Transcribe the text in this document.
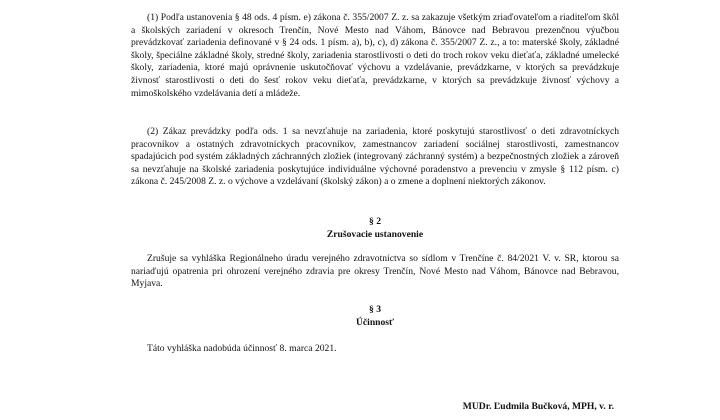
(1) Podľa ustanovenia § 48 ods. 4 písm. e) zákona č. 355/2007 Z. z. sa zakazuje všetkým zriaďovateľom a riaditeľom škôl a školských zariadení v okresoch Trenčín, Nové Mesto nad Váhom, Bánovce nad Bebravou prezenčnou výučbou prevádzkovať zariadenia definované v § 24 ods. 1 písm. a), b), c), d) zákona č. 355/2007 Z. z., a to: materské školy, základné školy, špeciálne základné školy, stredné školy, zariadenia starostlivosti o deti do troch rokov veku dieťaťa, základné umelecké školy, zariadenia, ktoré majú oprávnenie uskutočňovať výchovu a vzdelávanie, prevádzkarne, v ktorých sa prevádzkuje živnosť starostlivosti o deti do šesť rokov veku dieťaťa, prevádzkarne, v ktorých sa prevádzkuje živnosť výchovy a mimoškolského vzdelávania detí a mládeže.

(2) Zákaz prevádzky podľa ods. 1 sa nevzťahuje na zariadenia, ktoré poskytujú starostlivosť o deti zdravotníckych pracovníkov a ostatných zdravotníckych pracovníkov, zamestnancov zariadení sociálnej starostlivosti, zamestnancov spadajúcich pod systém základných záchranných zložiek (integrovaný záchranný systém) a bezpečnostných zložiek a zároveň sa nevzťahuje na školské zariadenia poskytujúce individuálne výchovné poradenstvo a prevenciu v zmysle § 112 písm. c) zákona č. 245/2008 Z. z. o výchove a vzdelávaní (školský zákon) a o zmene a doplnení niektorých zákonov.

§ 2
Zrušovacie ustanovenie

Zrušuje sa vyhláška Regionálneho úradu verejného zdravotníctva so sídlom v Trenčíne č. 84/2021 V. v. SR, ktorou sa nariaďujú opatrenia pri ohrození verejného zdravia pre okresy Trenčín, Nové Mesto nad Váhom, Bánovce nad Bebravou, Myjava.

§ 3
Účinnosť

Táto vyhláška nadobúda účinnosť 8. marca 2021.

MUDr. Ľudmila Bučková, MPH, v. r.
